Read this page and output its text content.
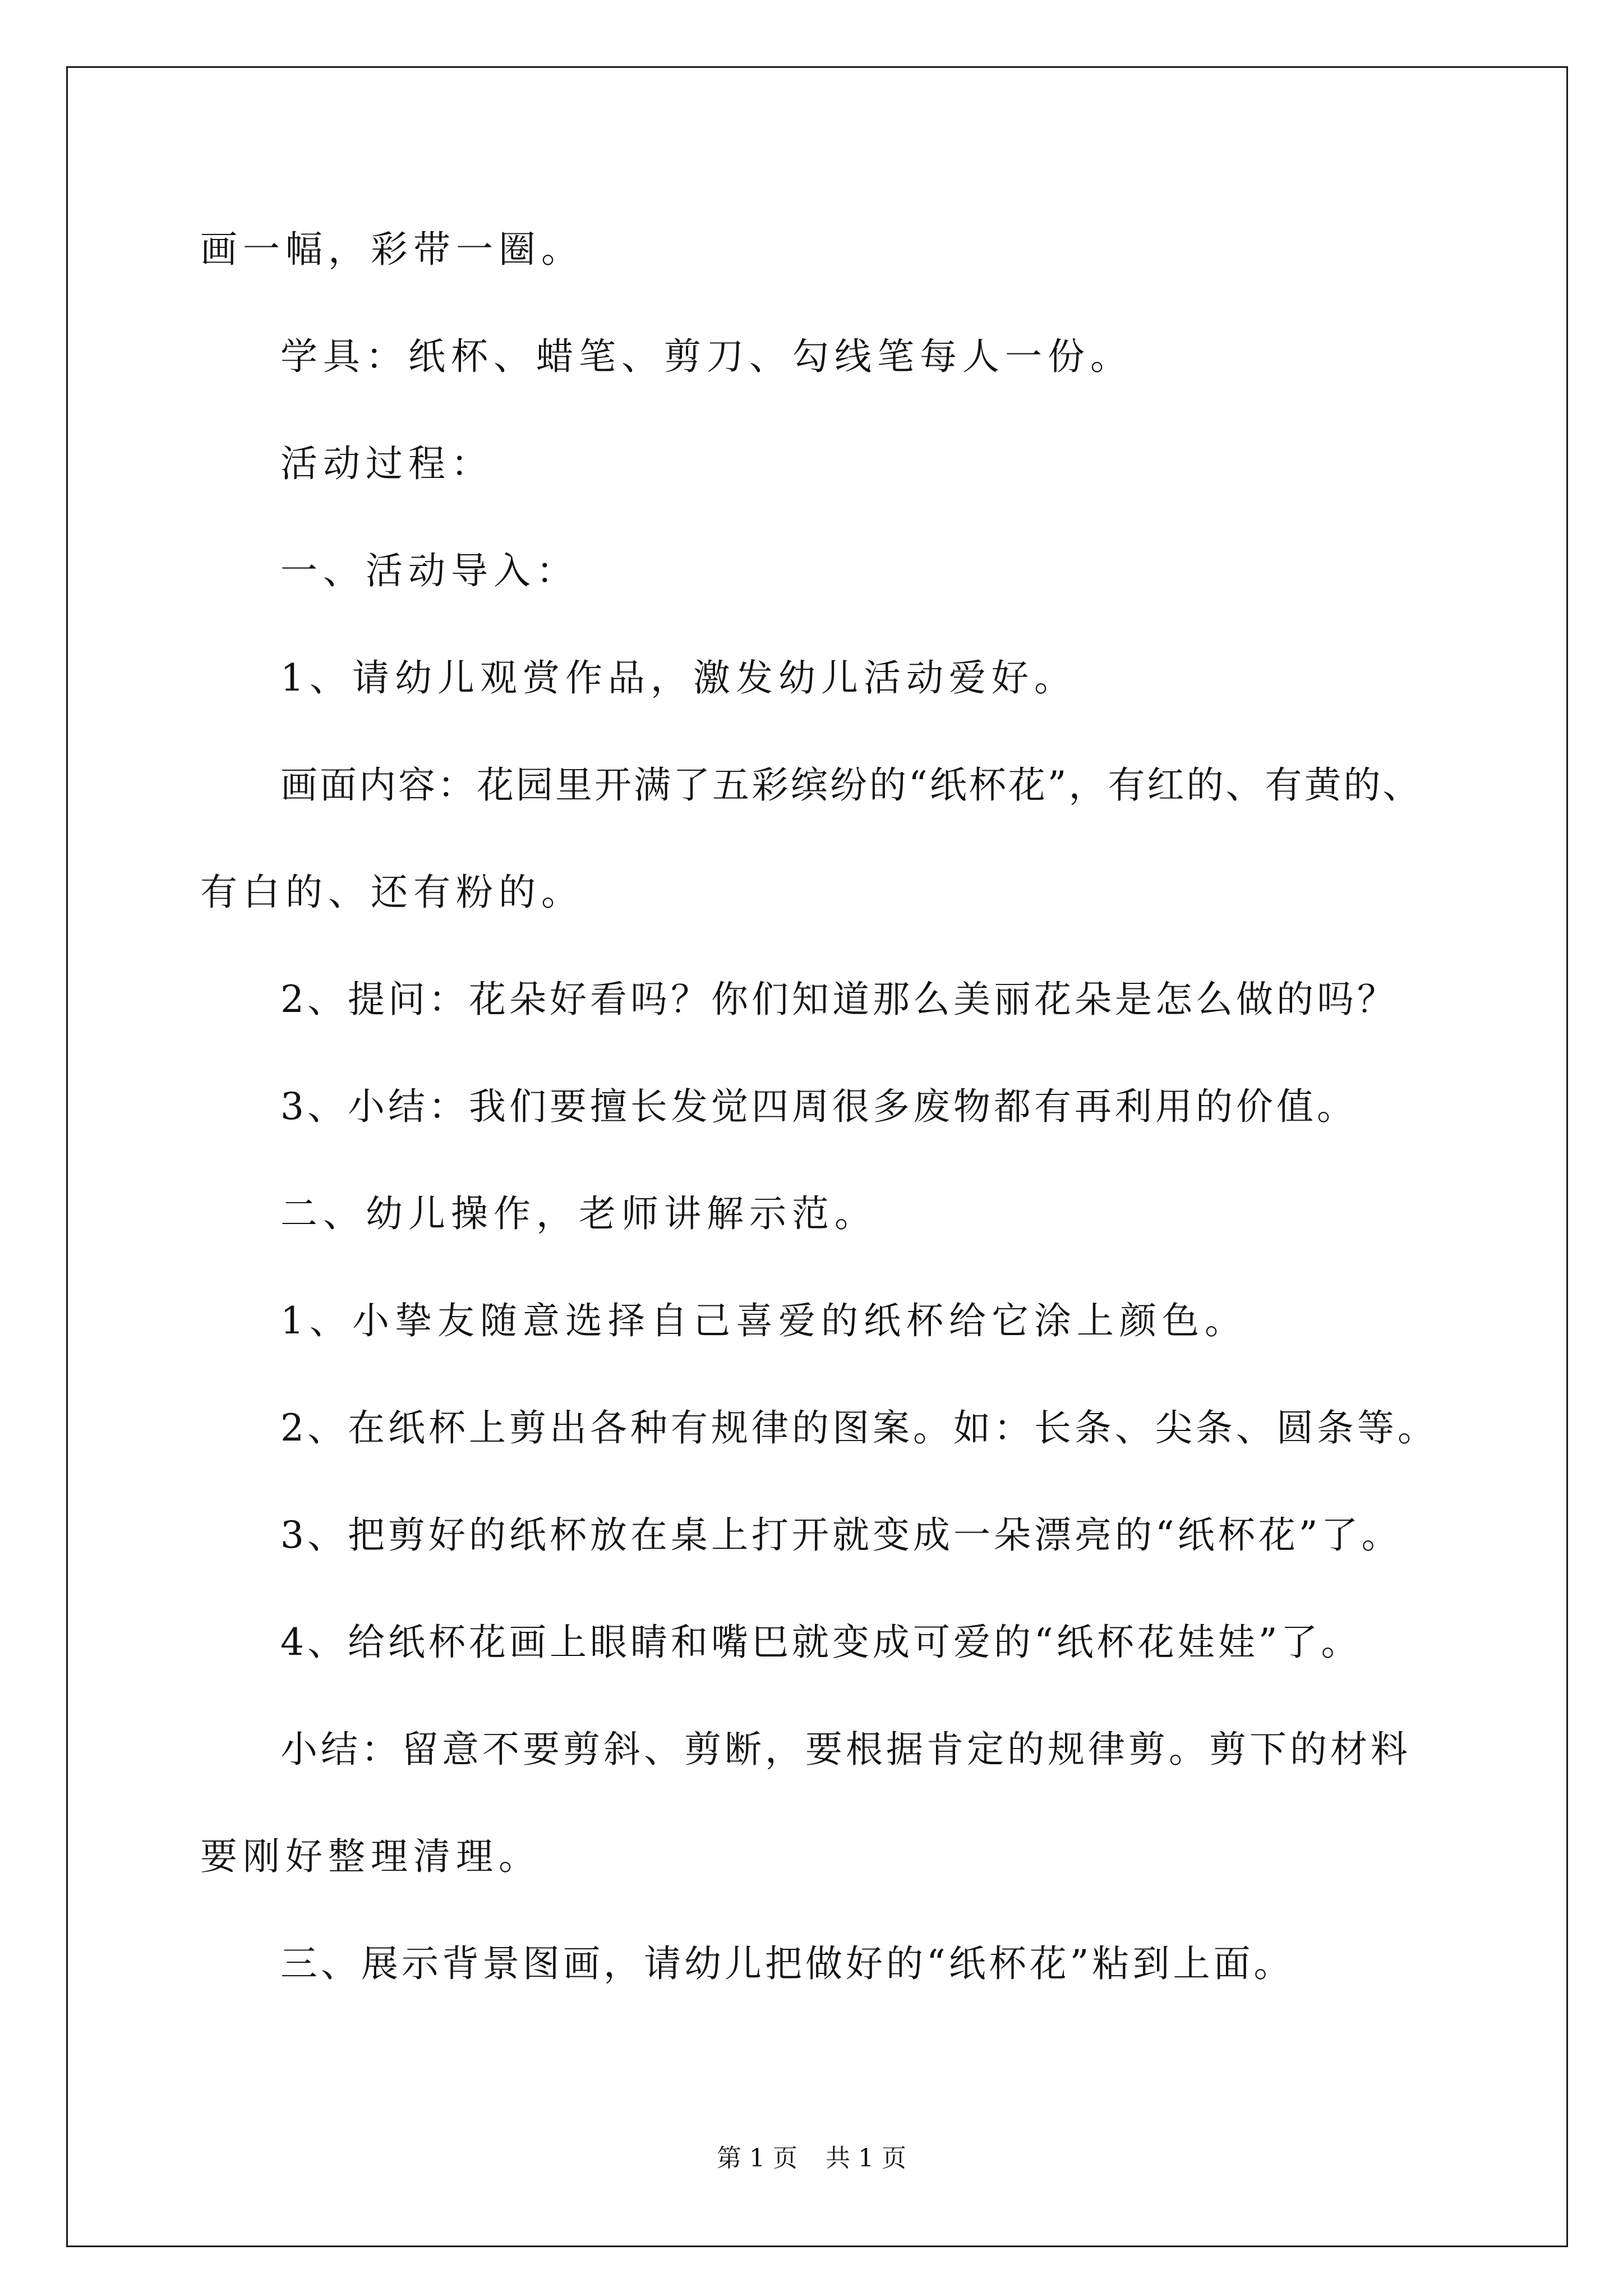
画一幅，彩带一圈。
学具：纸杯、蜡笔、剪刀、勾线笔每人一份。
活动过程：
一、活动导入：
1、请幼儿观赏作品，激发幼儿活动爱好。
画面内容：花园里开满了五彩缤纷的“纸杯花”，有红的、有黄的、
有白的、还有粉的。
2、提问：花朵好看吗？你们知道那么美丽花朵是怎么做的吗？
3、小结：我们要擅长发觉四周很多废物都有再利用的价值。
二、幼儿操作，老师讲解示范。
1、小挚友随意选择自己喜爱的纸杯给它涂上颜色。
2、在纸杯上剪出各种有规律的图案。如：长条、尖条、圆条等。
3、把剪好的纸杯放在桌上打开就变成一朵漂亮的“纸杯花”了。
4、给纸杯花画上眼睛和嘴巴就变成可爱的“纸杯花娃娃”了。
小结：留意不要剪斜、剪断，要根据肯定的规律剪。剪下的材料
要刚好整理清理。
三、展示背景图画，请幼儿把做好的“纸杯花”粘到上面。
第 1 页 共 1 页
